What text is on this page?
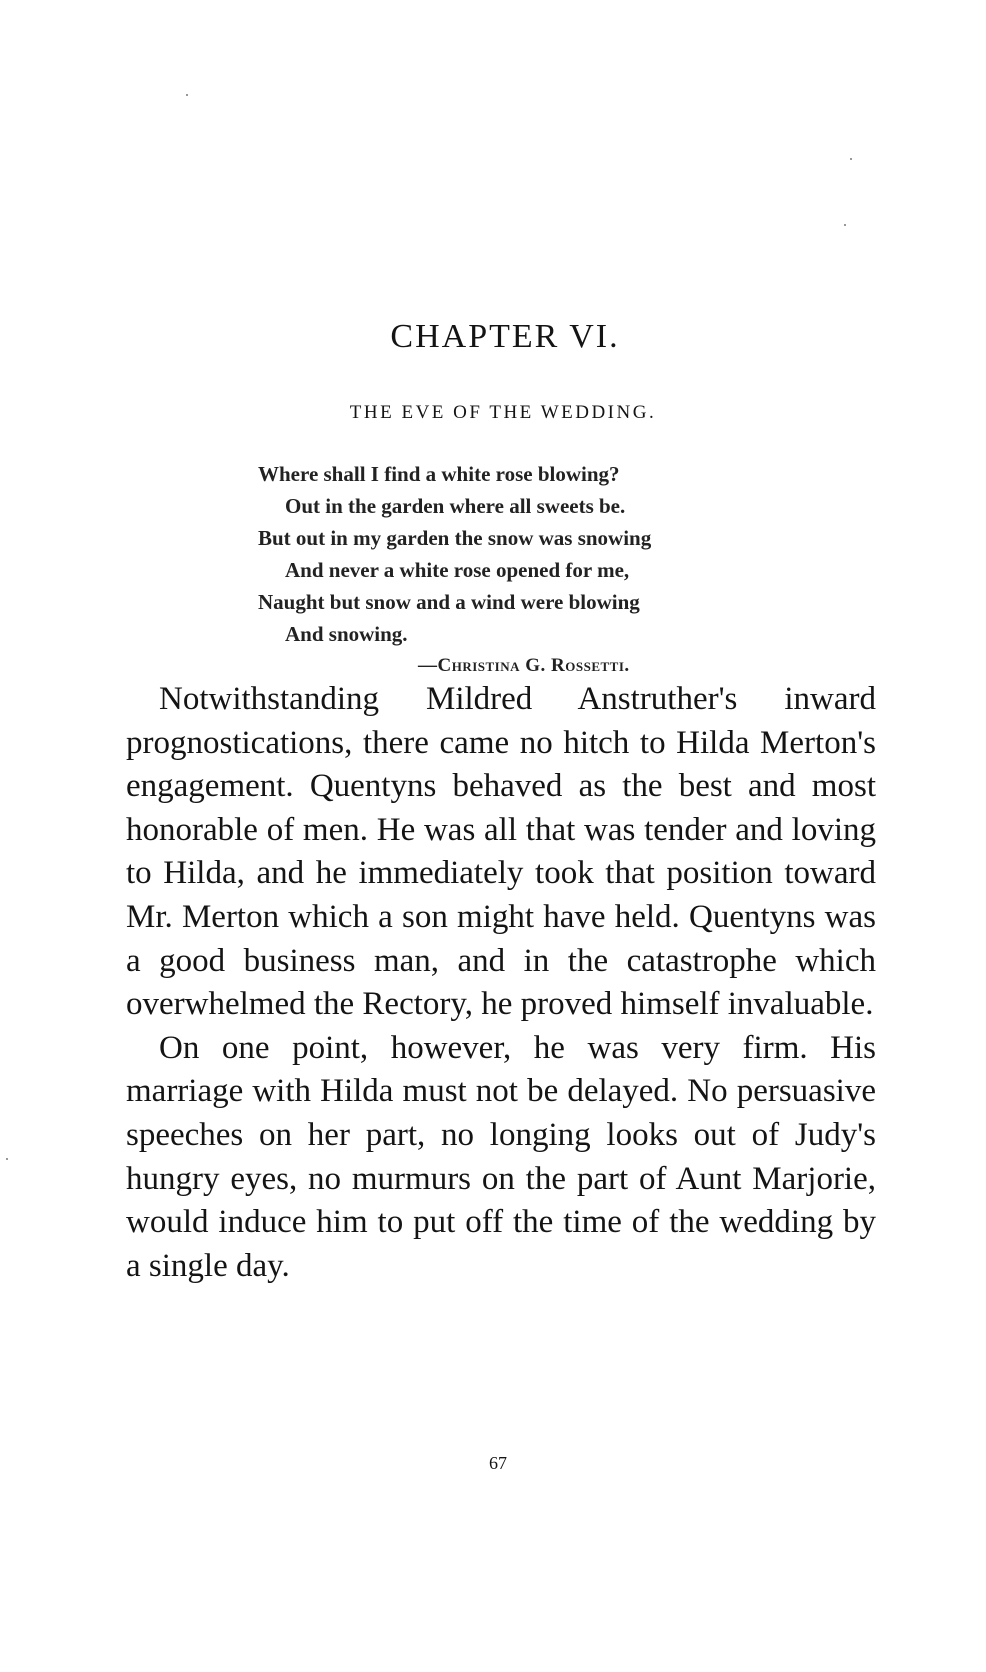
CHAPTER VI.
THE EVE OF THE WEDDING.
Where shall I find a white rose blowing?
Out in the garden where all sweets be.
But out in my garden the snow was snowing
And never a white rose opened for me,
Naught but snow and a wind were blowing
And snowing.
—Christina G. Rossetti.

Notwithstanding Mildred Anstruther's inward prognostications, there came no hitch to Hilda Merton's engagement. Quentyns behaved as the best and most honorable of men. He was all that was tender and loving to Hilda, and he immediately took that position toward Mr. Merton which a son might have held. Quentyns was a good business man, and in the catastrophe which overwhelmed the Rectory, he proved himself invaluable.

On one point, however, he was very firm. His marriage with Hilda must not be delayed. No persuasive speeches on her part, no longing looks out of Judy's hungry eyes, no murmurs on the part of Aunt Marjorie, would induce him to put off the time of the wedding by a single day.

67
